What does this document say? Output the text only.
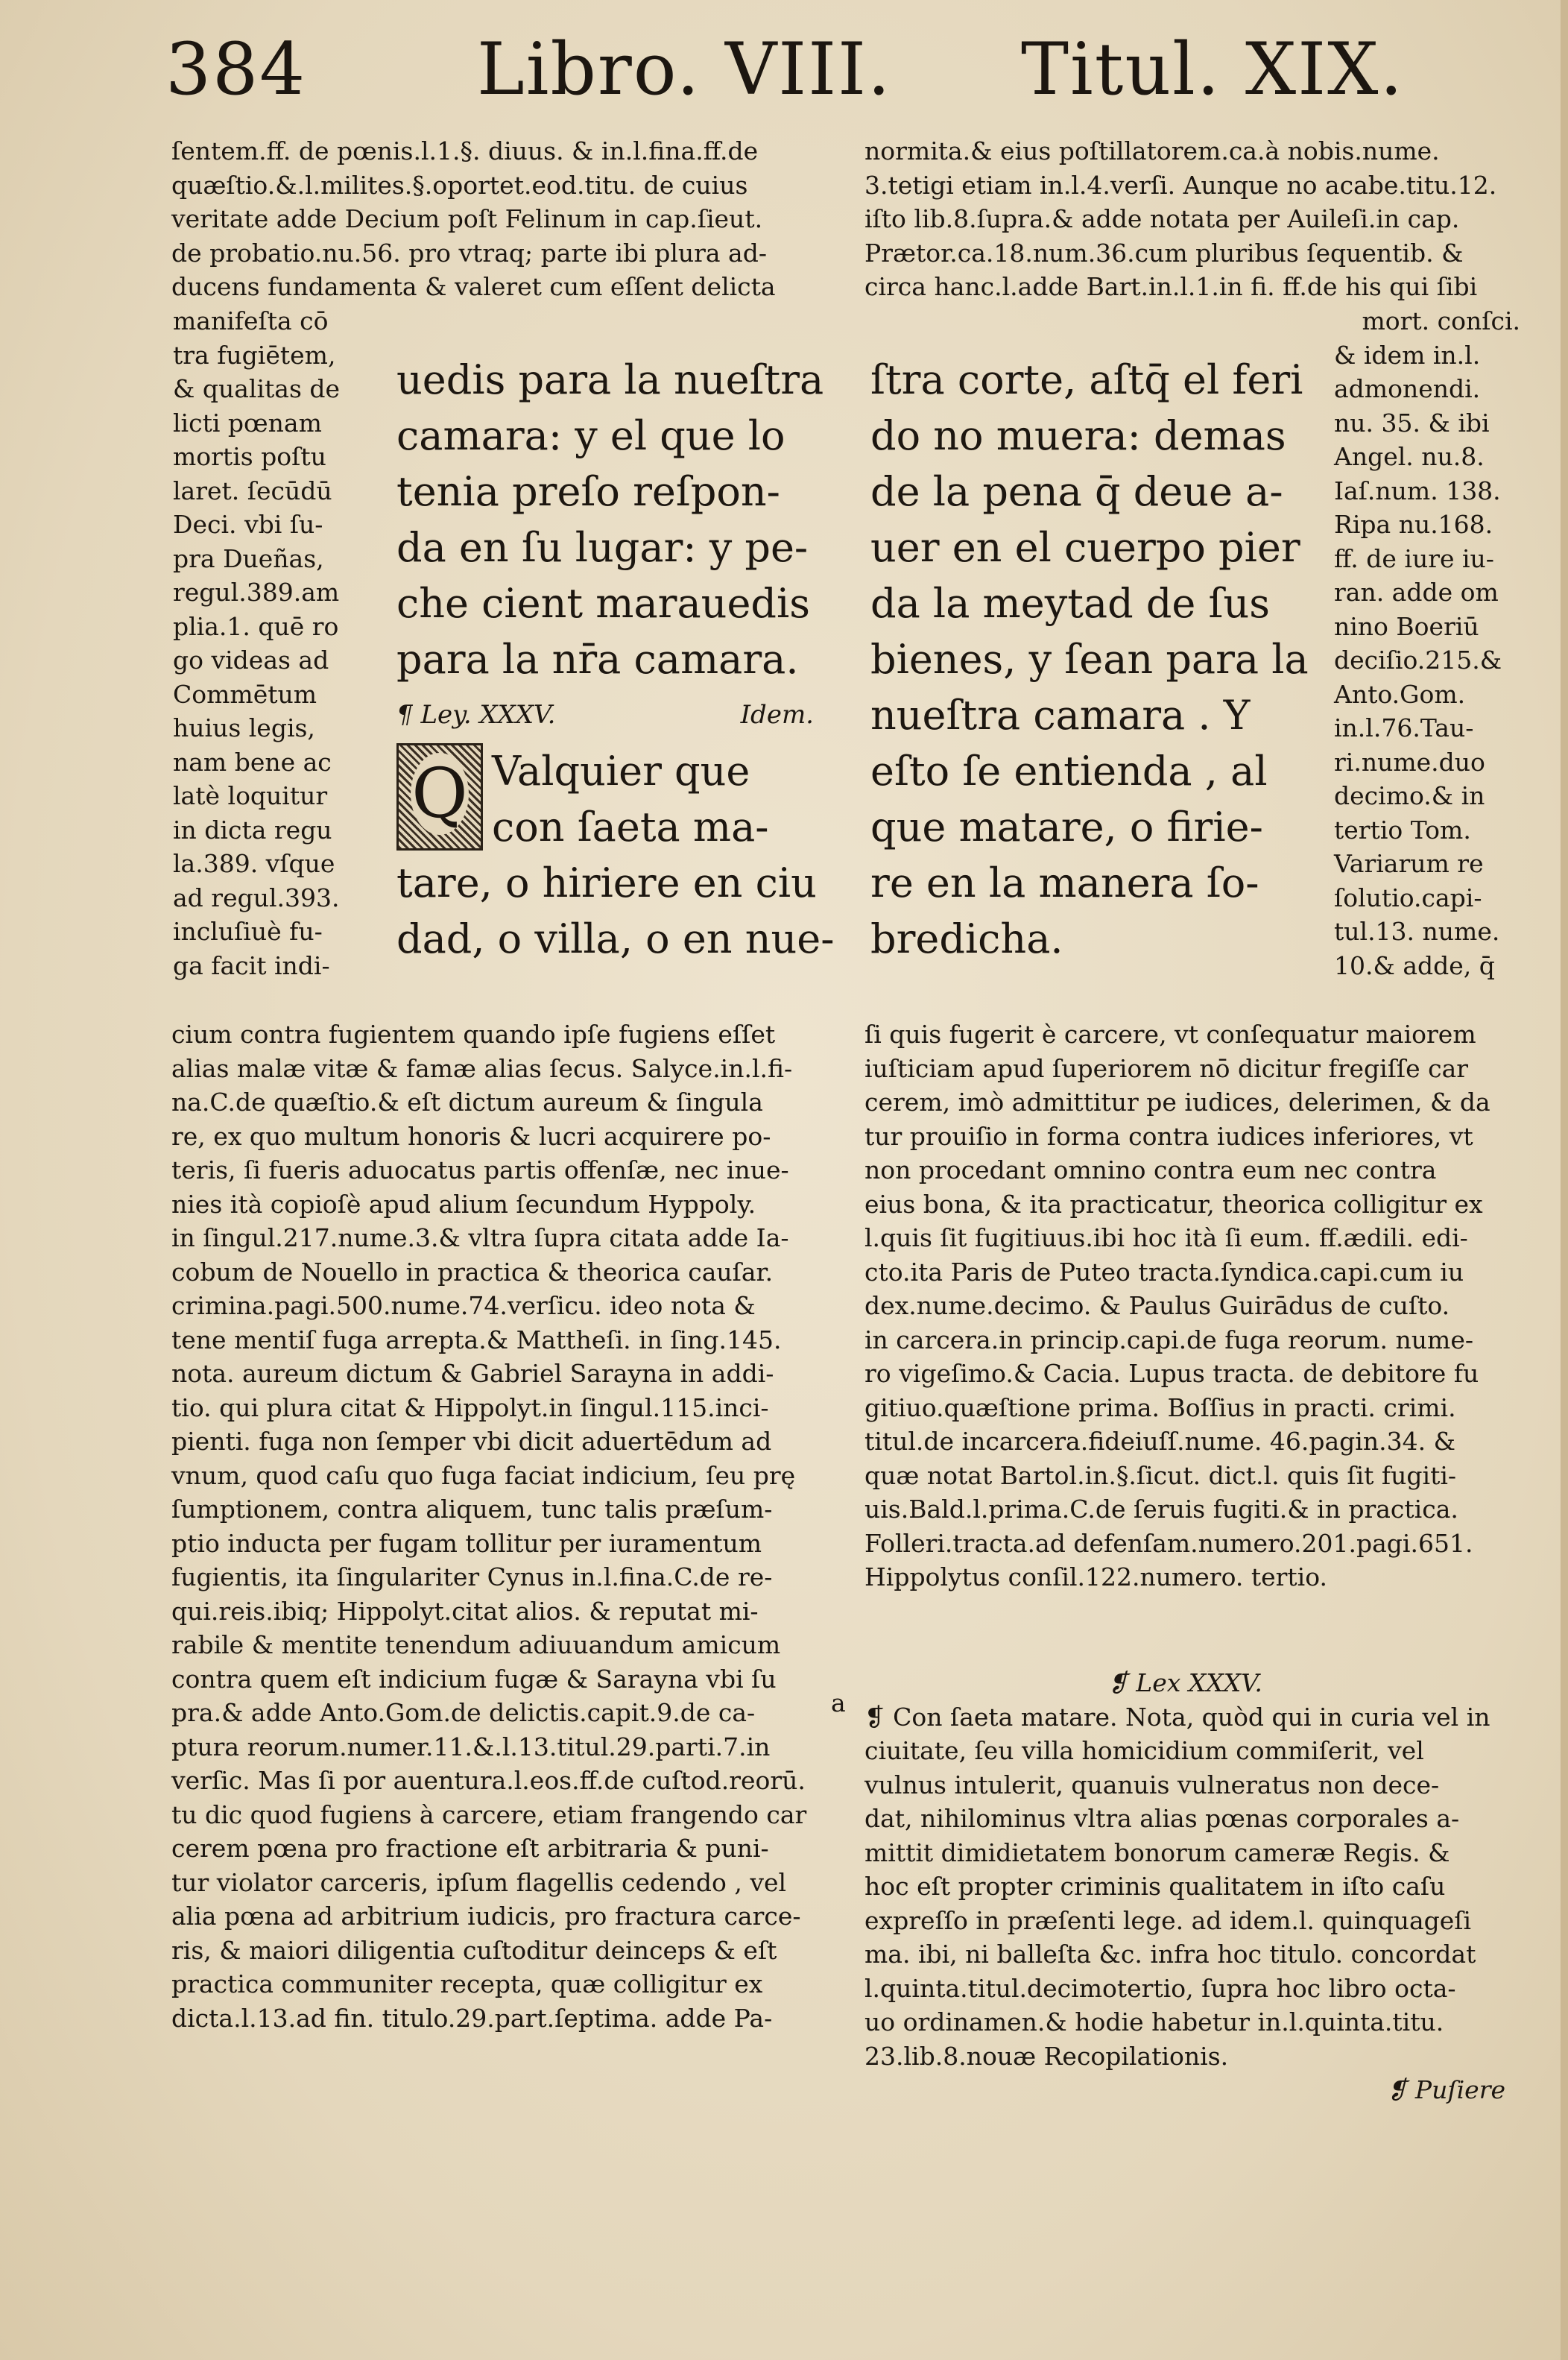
384 Libro. VIII. Titul. XIX.

ſentem.ff. de pœnis.l.1.§. diuus. & in.l.fina.ff.de

quæſtio.&.l.milites.§.oportet.eod.titu. de cuius

veritate adde Decium poſt Felinum in cap.ſieut.

de probatio.nu.56. pro vtraq; parte ibi plura ad-

ducens fundamenta & valeret cum eſſent delicta

manifeſta cō

tra fugiētem,

& qualitas de

licti pœnam

mortis poſtu

laret. ſecūdū

Deci. vbi ſu-

pra Dueñas,

regul.389.am

plia.1. quē ro

go videas ad

Commētum

huius legis,

nam bene ac

latè loquitur

in dicta regu

la.389. vſque

ad regul.393.

incluſiuè fu-

ga facit indi-

uedis para la nueſtra

camara: y el que lo

tenia preſo reſpon-

da en ſu lugar: y pe-

che cient marauedis

para la nr̄a camara.

¶ Ley. XXXV.	Idem.

Q Valquier que

con ſaeta ma-

tare, o hiriere en ciu

dad, o villa, o en nue-

normita.& eius poſtillatorem.ca.à nobis.nume.

3.tetigi etiam in.l.4.verſi. Aunque no acabe.titu.12.

iſto lib.8.ſupra.& adde notata per Auileſi.in cap.

Prætor.ca.18.num.36.cum pluribus ſequentib. &

circa hanc.l.adde Bart.in.l.1.in fi. ff.de his qui ſibi

ſtra corte, aſtq̄ el feri

do no muera: demas

de la pena q̄ deue a-

uer en el cuerpo pier

da la meytad de ſus

bienes, y ſean para la

nueſtra camara . Y

eſto ſe entienda , al

que matare, o firie-

re en la manera ſo-

bredicha.

mort. conſci.

& idem in.l.

admonendi.

nu. 35. & ibi

Angel. nu.8.

Iaſ.num. 138.

Ripa nu.168.

ff. de iure iu-

ran. adde om

nino Boeriū

deciſio.215.&

Anto.Gom.

in.l.76.Tau-

ri.nume.duo

decimo.& in

tertio Tom.

Variarum re

ſolutio.capi-

tul.13. nume.

10.& adde, q̄

cium contra fugientem quando ipſe fugiens eſſet

alias malæ vitæ & famæ alias ſecus. Salyce.in.l.fi-

na.C.de quæſtio.& eſt dictum aureum & ſingula

re, ex quo multum honoris & lucri acquirere po-

teris, ſi fueris aduocatus partis offenſæ, nec inue-

nies ità copioſè apud alium ſecundum Hyppoly.

in ſingul.217.nume.3.& vltra ſupra citata adde Ia-

cobum de Nouello in practica & theorica cauſar.

crimina.pagi.500.nume.74.verſicu. ideo nota &

tene mentiſ fuga arrepta.& Mattheſi. in ſing.145.

nota. aureum dictum & Gabriel Sarayna in addi-

tio. qui plura citat & Hippolyt.in ſingul.115.inci-

pienti. fuga non ſemper vbi dicit aduertēdum ad

vnum, quod caſu quo fuga faciat indicium, ſeu prę

ſumptionem, contra aliquem, tunc talis præſum-

ptio inducta per fugam tollitur per iuramentum

fugientis, ita ſingulariter Cynus in.l.fina.C.de re-

qui.reis.ibiq; Hippolyt.citat alios. & reputat mi-

rabile & mentite tenendum adiuuandum amicum

contra quem eſt indicium fugæ & Sarayna vbi ſu

pra.& adde Anto.Gom.de delictis.capit.9.de ca-

ptura reorum.numer.11.&.l.13.titul.29.parti.7.in

verſic. Mas ſi por auentura.l.eos.ff.de cuſtod.reorū.

tu dic quod fugiens à carcere, etiam frangendo car

cerem pœna pro fractione eſt arbitraria & puni-

tur violator carceris, ipſum flagellis cedendo , vel

alia pœna ad arbitrium iudicis, pro fractura carce-

ris, & maiori diligentia cuſtoditur deinceps & eſt

practica communiter recepta, quæ colligitur ex

dicta.l.13.ad fin. titulo.29.part.ſeptima. adde Pa-

ſi quis fugerit è carcere, vt conſequatur maiorem

iuſticiam apud ſuperiorem nō dicitur fregiſſe car

cerem, imò admittitur pe iudices, delerimen, & da

tur prouiſio in forma contra iudices inferiores, vt

non procedant omnino contra eum nec contra

eius bona, & ita practicatur, theorica colligitur ex

l.quis ſit fugitiuus.ibi hoc ità ſi eum. ff.ædili. edi-

cto.ita Paris de Puteo tracta.ſyndica.capi.cum iu

dex.nume.decimo. & Paulus Guirādus de cuſto.

in carcera.in princip.capi.de fuga reorum. nume-

ro vigeſimo.& Cacia. Lupus tracta. de debitore fu

gitiuo.quæſtione prima. Boſſius in practi. crimi.

titul.de incarcera.fideiuſſ.nume. 46.pagin.34. &

quæ notat Bartol.in.§.ſicut. dict.l. quis ſit fugiti-

uis.Bald.l.prima.C.de ſeruis fugiti.& in practica.

Folleri.tracta.ad defenſam.numero.201.pagi.651.

Hippolytus conſil.122.numero. tertio.

a

❡ Lex XXXV.

❡ Con ſaeta matare. Nota, quòd qui in curia vel in

ciuitate, ſeu villa homicidium commiſerit, vel

vulnus intulerit, quanuis vulneratus non dece-

dat, nihilominus vltra alias pœnas corporales a-

mittit dimidietatem bonorum cameræ Regis. &

hoc eſt propter criminis qualitatem in iſto caſu

expreſſo in præſenti lege. ad idem.l. quinquageſi

ma. ibi, ni balleſta &c. infra hoc titulo. concordat

l.quinta.titul.decimotertio, ſupra hoc libro octa-

uo ordinamen.& hodie habetur in.l.quinta.titu.

23.lib.8.nouæ Recopilationis.

❡ Puſiere
